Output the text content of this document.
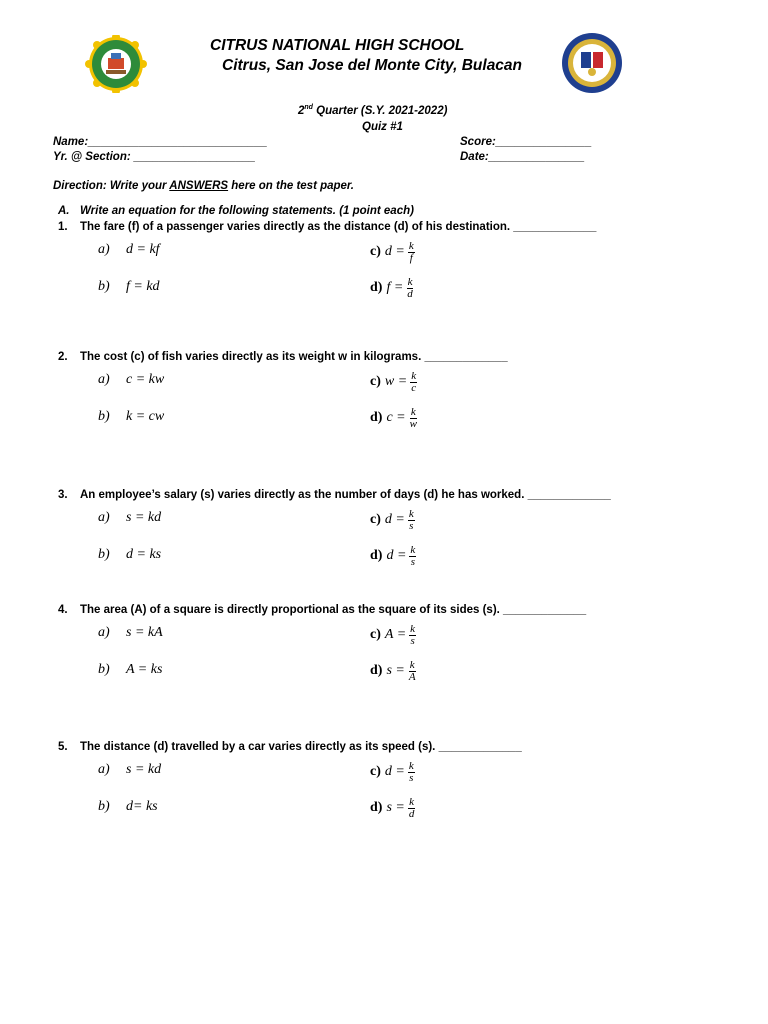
CITRUS NATIONAL HIGH SCHOOL
Citrus, San Jose del Monte City, Bulacan
2nd Quarter (S.Y. 2021-2022)
Quiz #1
Name:____________________________
Yr. @ Section: ___________________
Score:_______________
Date:_______________
Direction: Write your ANSWERS here on the test paper.
A. Write an equation for the following statements. (1 point each)
1. The fare (f) of a passenger varies directly as the distance (d) of his destination. _____________
a)	d = kf
b)	f = kd
c) $d = \frac{k}{f}$
d) $f = \frac{k}{d}$
2. The cost (c) of fish varies directly as its weight w in kilograms. _____________
a)	c = kw
b)	k = cw
c) $w = \frac{k}{c}$
d) $c = \frac{k}{w}$
3. An employee’s salary (s) varies directly as the number of days (d) he has worked. _____________
a)	s = kd
b)	d = ks
c) $d = \frac{k}{s}$
d) $d = \frac{k}{s}$
4. The area (A) of a square is directly proportional as the square of its sides (s). _____________
a)	s = kA
b)	A = ks
c) $A = \frac{k}{s}$
d) $s = \frac{k}{A}$
5. The distance (d) travelled by a car varies directly as its speed (s). _____________
a)	s = kd
b)	d= ks
c) $d = \frac{k}{s}$
d) $s = \frac{k}{d}$
